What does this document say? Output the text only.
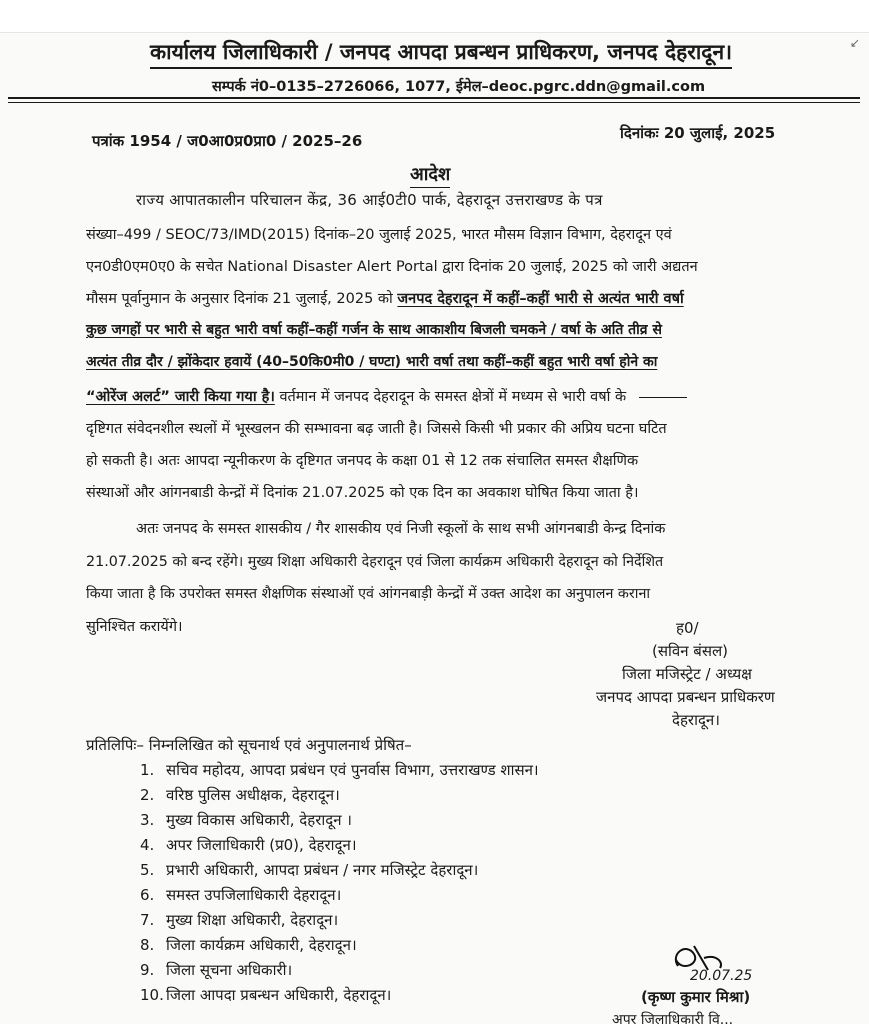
↙
कार्यालय जिलाधिकारी / जनपद आपदा प्रबन्धन प्राधिकरण, जनपद देहरादून।
सम्पर्क नं0–0135–2726066, 1077, ईमेल–deoc.pgrc.ddn@gmail.com
पत्रांक 1954 / ज0आ0प्र0प्रा0 / 2025–26	दिनांकः 20 जुलाई, 2025
आदेश
राज्य आपातकालीन परिचालन केंद्र, 36 आई0टी0 पार्क, देहरादून उत्तराखण्ड के पत्र
संख्या–499 / SEOC/73/IMD(2015) दिनांक–20 जुलाई 2025, भारत मौसम विज्ञान विभाग, देहरादून एवं
एन0डी0एम0ए0 के सचेत National Disaster Alert Portal द्वारा दिनांक 20 जुलाई, 2025 को जारी अद्यतन
मौसम पूर्वानुमान के अनुसार दिनांक 21 जुलाई, 2025 को जनपद देहरादून में कहीं–कहीं भारी से अत्यंत भारी वर्षा
कुछ जगहों पर भारी से बहुत भारी वर्षा कहीं–कहीं गर्जन के साथ आकाशीय बिजली चमकने / वर्षा के अति तीव्र से
अत्यंत तीव्र दौर / झोंकेदार हवायें (40–50कि0मी0 / घण्टा) भारी वर्षा तथा कहीं–कहीं बहुत भारी वर्षा होने का
“ओरेंज अलर्ट” जारी किया गया है। वर्तमान में जनपद देहरादून के समस्त क्षेत्रों में मध्यम से भारी वर्षा के
दृष्टिगत संवेदनशील स्थलों में भूस्खलन की सम्भावना बढ़ जाती है। जिससे किसी भी प्रकार की अप्रिय घटना घटित
हो सकती है। अतः आपदा न्यूनीकरण के दृष्टिगत जनपद के कक्षा 01 से 12 तक संचालित समस्त शैक्षणिक
संस्थाओं और आंगनबाडी केन्द्रों में दिनांक 21.07.2025 को एक दिन का अवकाश घोषित किया जाता है।
अतः जनपद के समस्त शासकीय / गैर शासकीय एवं निजी स्कूलों के साथ सभी आंगनबाडी केन्द्र दिनांक
21.07.2025 को बन्द रहेंगे। मुख्य शिक्षा अधिकारी देहरादून एवं जिला कार्यक्रम अधिकारी देहरादून को निर्देशित
किया जाता है कि उपरोक्त समस्त शैक्षणिक संस्थाओं एवं आंगनबाड़ी केन्द्रों में उक्त आदेश का अनुपालन कराना
सुनिश्चित करायेंगे।	ह0/
(सविन बंसल)
जिला मजिस्ट्रेट / अध्यक्ष
जनपद आपदा प्रबन्धन प्राधिकरण
देहरादून।
प्रतिलिपिः– निम्नलिखित को सूचनार्थ एवं अनुपालनार्थ प्रेषित–
1. सचिव महोदय, आपदा प्रबंधन एवं पुनर्वास विभाग, उत्तराखण्ड शासन।
2. वरिष्ठ पुलिस अधीक्षक, देहरादून।
3. मुख्य विकास अधिकारी, देहरादून ।
4. अपर जिलाधिकारी (प्र0), देहरादून।
5. प्रभारी अधिकारी, आपदा प्रबंधन / नगर मजिस्ट्रेट देहरादून।
6. समस्त उपजिलाधिकारी देहरादून।
7. मुख्य शिक्षा अधिकारी, देहरादून।
8. जिला कार्यक्रम अधिकारी, देहरादून।
9. जिला सूचना अधिकारी।
10. जिला आपदा प्रबन्धन अधिकारी, देहरादून।
20.07.25
(कृष्ण कुमार मिश्रा)
अपर जिलाधिकारी वि...
